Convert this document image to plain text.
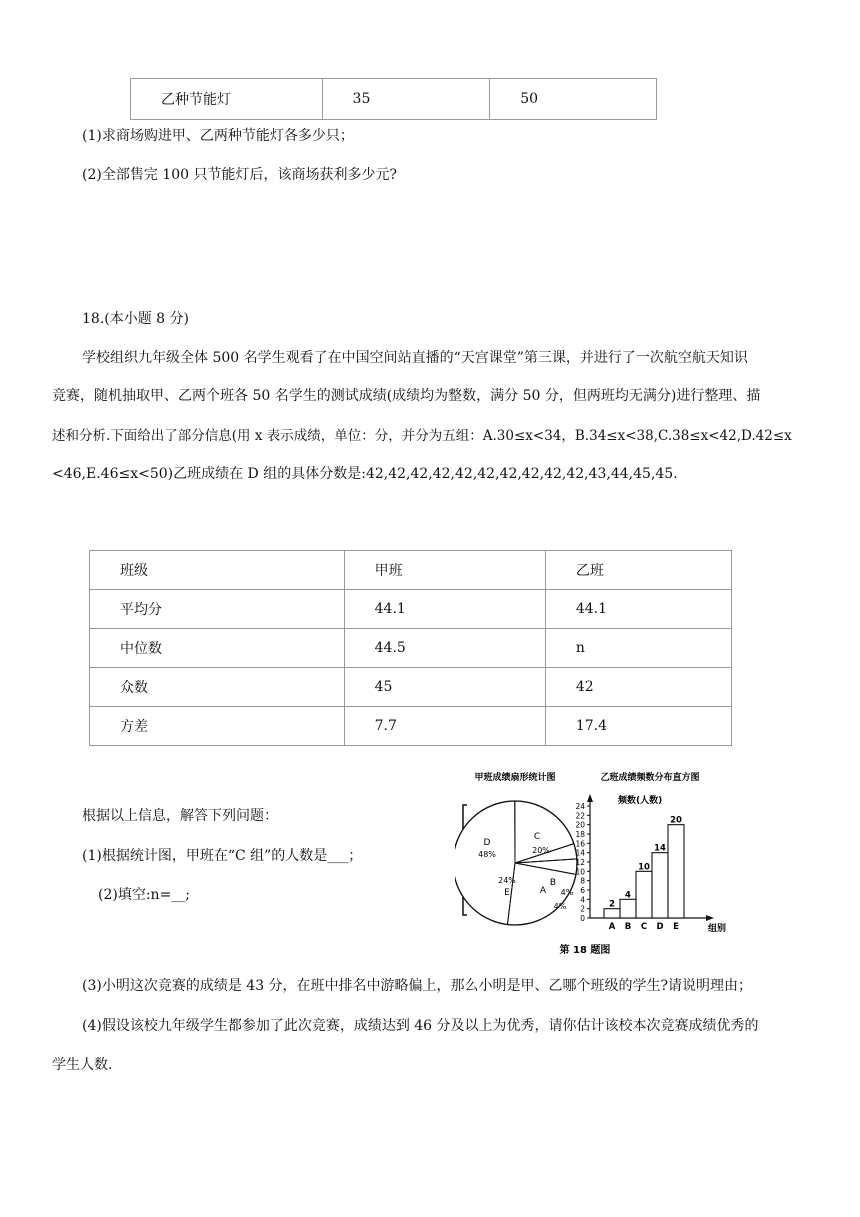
乙种节能灯	35	50
(1)求商场购进甲、乙两种节能灯各多少只；
(2)全部售完 100 只节能灯后，该商场获利多少元?
18.(本小题 8 分)
学校组织九年级全体 500 名学生观看了在中国空间站直播的“天宫课堂”第三课，并进行了一次航空航天知识
竞赛，随机抽取甲、乙两个班各 50 名学生的测试成绩(成绩均为整数，满分 50 分，但两班均无满分)进行整理、描
述和分析.下面给出了部分信息(用 x 表示成绩，单位：分，并分为五组：A.30≤x<34，B.34≤x<38,C.38≤x<42,D.42≤x
<46,E.46≤x<50)乙班成绩在 D 组的具体分数是:42,42,42,42,42,42,42,42,42,42,43,44,45,45.
班级	甲班	乙班
平均分	44.1	44.1
中位数	44.5	n
众数	45	42
方差	7.7	17.4
根据以上信息，解答下列问题：
(1)根据统计图，甲班在“C 组”的人数是___；
(2)填空:n=__;
甲班成绩扇形统计图
D
48%
C
20%
B
4%
A
4%
E
24%
乙班成绩频数分布直方图
频数(人数)
组别
0
2
4
6
8
10
12
14
16
18
20
22
24
2
A
4
B
10
C
14
D
20
E
第 18 题图
(3)小明这次竞赛的成绩是 43 分，在班中排名中游略偏上，那么小明是甲、乙哪个班级的学生?请说明理由；
(4)假设该校九年级学生都参加了此次竞赛，成绩达到 46 分及以上为优秀，请你估计该校本次竞赛成绩优秀的
学生人数.
